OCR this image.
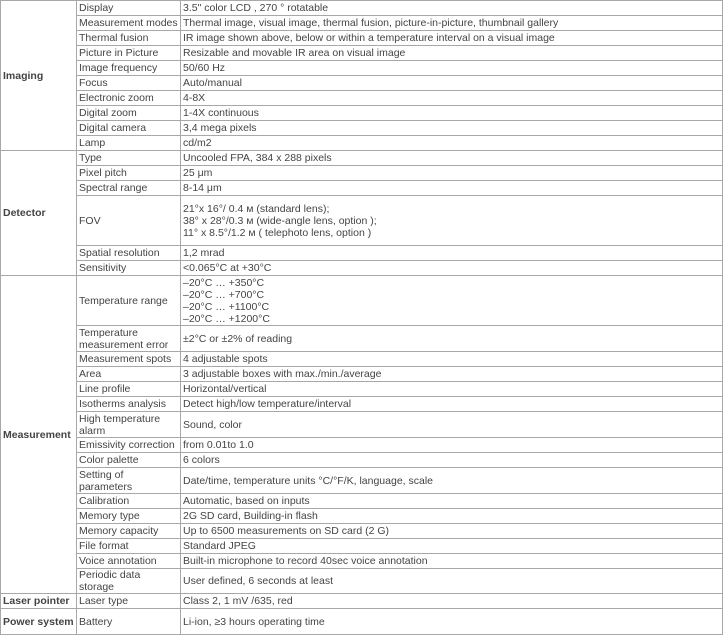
Imaging	Display	3.5" color LCD , 270 ° rotatable

	Measurement modes	Thermal image, visual image, thermal fusion, picture-in-picture, thumbnail gallery

	Thermal fusion	IR image shown above, below or within a temperature interval on a visual image

	Picture in Picture	Resizable and movable IR area on visual image

	Image frequency	50/60 Hz

	Focus	Auto/manual

	Electronic zoom	4-8X

	Digital zoom	1-4X continuous

	Digital camera	3,4 mega pixels

	Lamp	cd/m2

Detector	Type	Uncooled FPA, 384 x 288 pixels

	Pixel pitch	25 μm

	Spectral range	8-14 μm

	FOV	21°x 16°/ 0.4 м (standard lens);
38° x 28°/0.3 м (wide-angle lens, option );
11° x 8.5°/1.2 м ( telephoto lens, option )

	Spatial resolution	1,2 mrad

	Sensitivity	<0.065°C at +30°C

Measurement	Temperature range	–20°C … +350°C
–20°C … +700°C
–20°C … +1100°C
–20°C … +1200°C

	Temperature measurement error	±2°C or ±2% of reading

	Measurement spots	4 adjustable spots

	Area	3 adjustable boxes with max./min./average

	Line profile	Horizontal/vertical

	Isotherms analysis	Detect high/low temperature/interval

	High temperature alarm	Sound, color

	Emissivity correction	from 0.01to 1.0

	Color palette	6 colors

	Setting of parameters	Date/time, temperature units °C/°F/K, language, scale

	Calibration	Automatic, based on inputs

	Memory type	2G SD card, Building-in flash

	Memory capacity	Up to 6500 measurements on SD card (2 G)

	File format	Standard JPEG

	Voice annotation	Built-in microphone to record 40sec voice annotation

	Periodic data storage	User defined, 6 seconds at least

Laser pointer	Laser type	Class 2, 1 mV /635, red

Power system	Battery	Li-ion, ≥3 hours operating time
